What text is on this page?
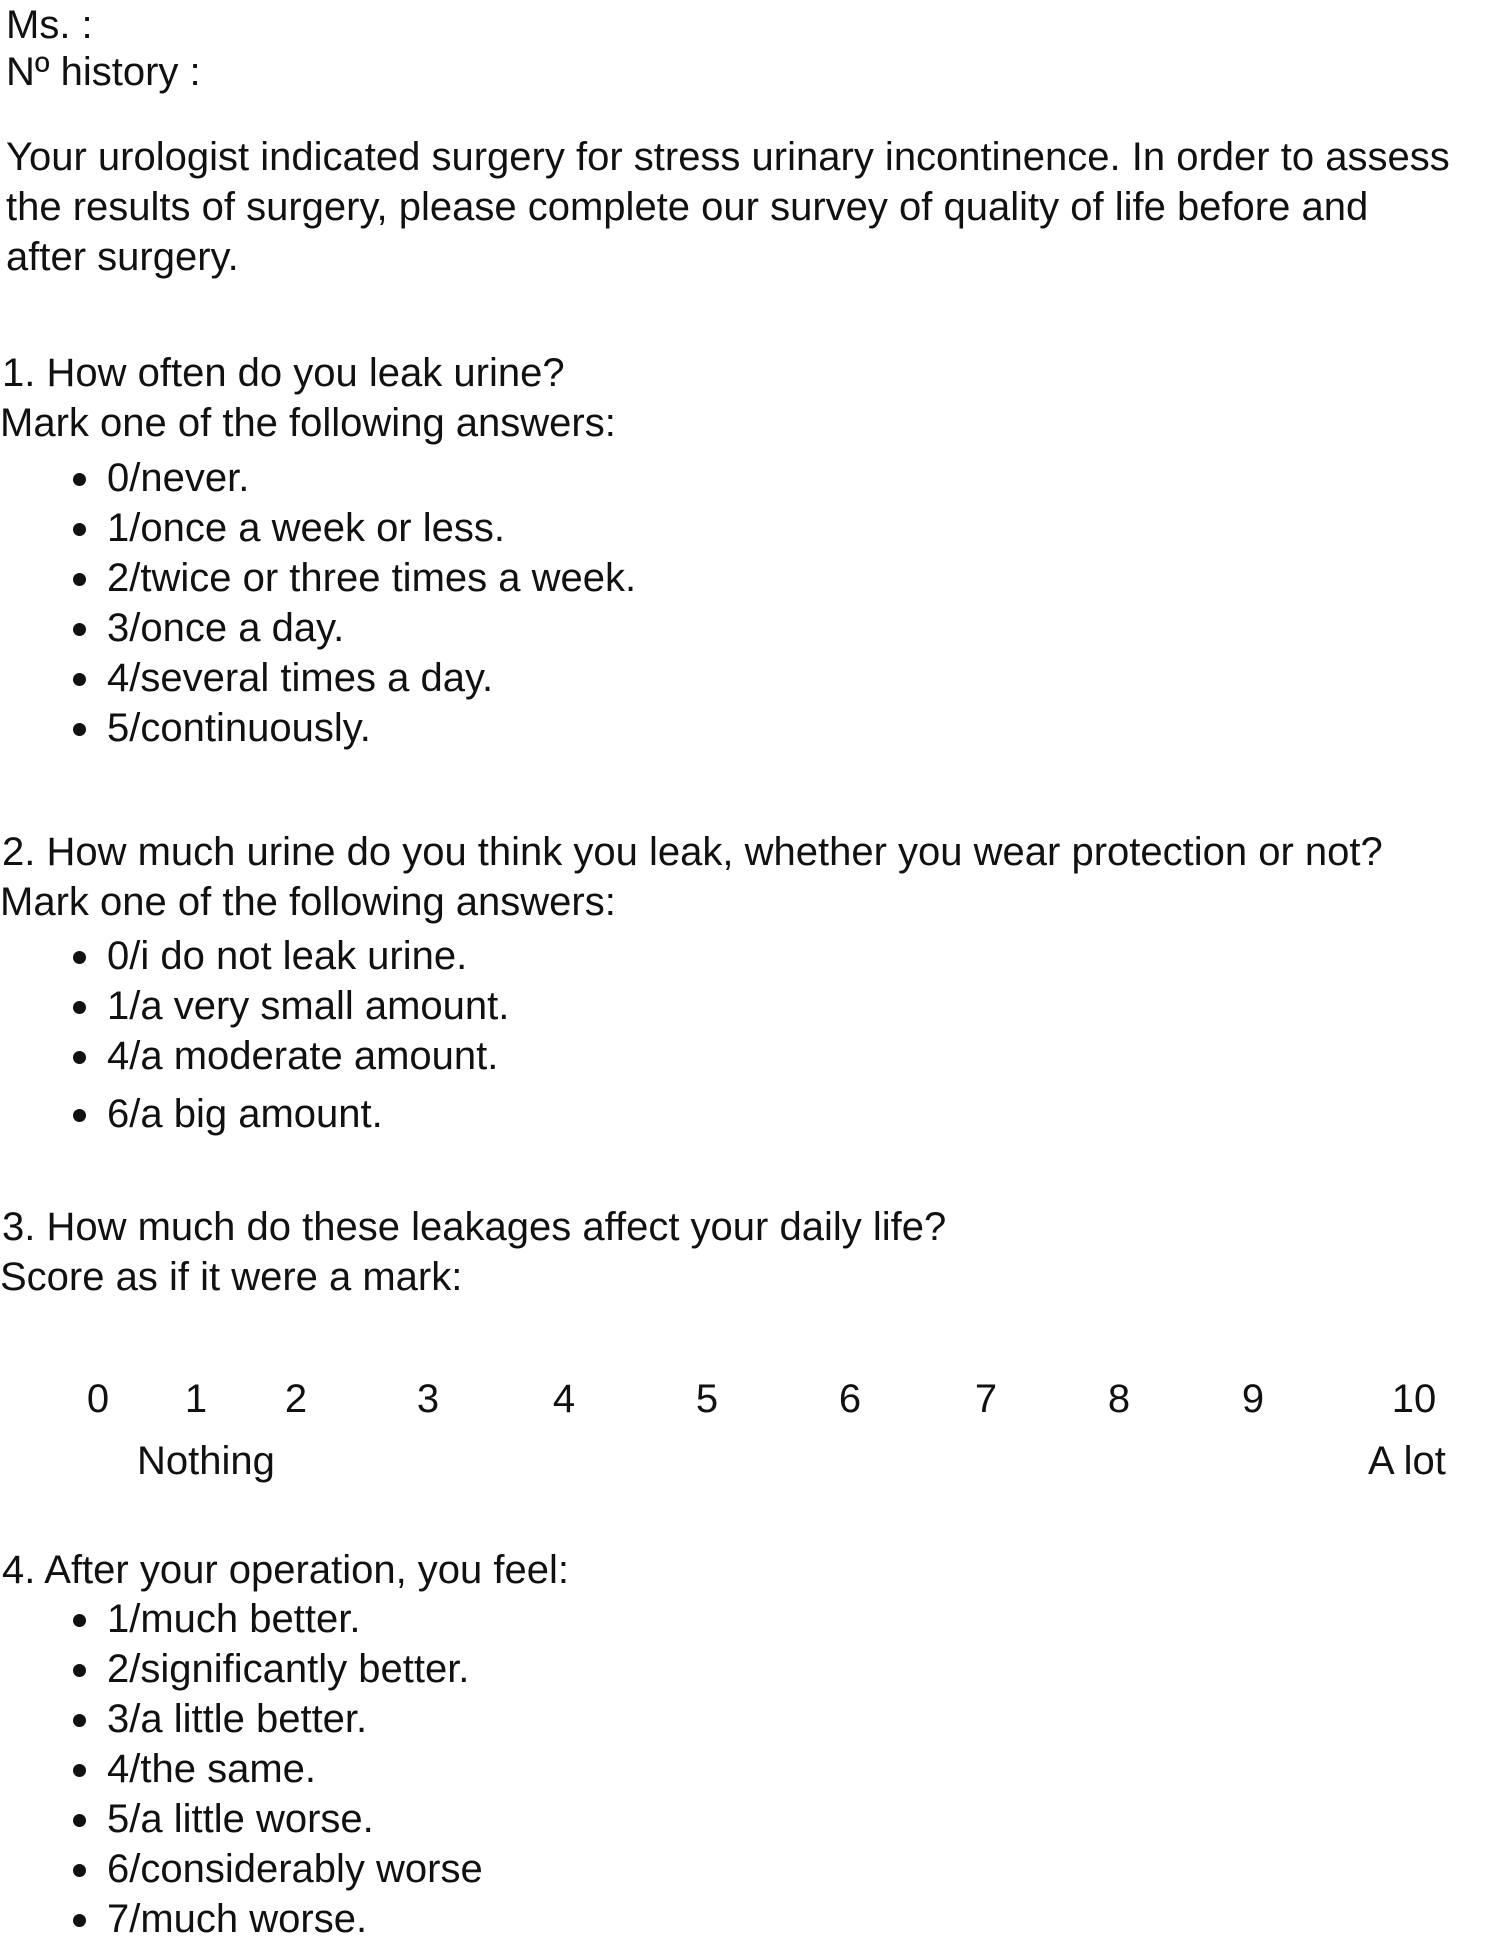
Ms. :
Nº history :
Your urologist indicated surgery for stress urinary incontinence. In order to assess
the results of surgery, please complete our survey of quality of life before and
after surgery.
1. How often do you leak urine?
Mark one of the following answers:
0/never.
1/once a week or less.
2/twice or three times a week.
3/once a day.
4/several times a day.
5/continuously.
2. How much urine do you think you leak, whether you wear protection or not?
Mark one of the following answers:
0/i do not leak urine.
1/a very small amount.
4/a moderate amount.
6/a big amount.
3. How much do these leakages affect your daily life?
Score as if it were a mark:
0 1 2	3	4	5	6	7	8	9	10
Nothing	A lot
4. After your operation, you feel:
1/much better.
2/significantly better.
3/a little better.
4/the same.
5/a little worse.
6/considerably worse
7/much worse.
